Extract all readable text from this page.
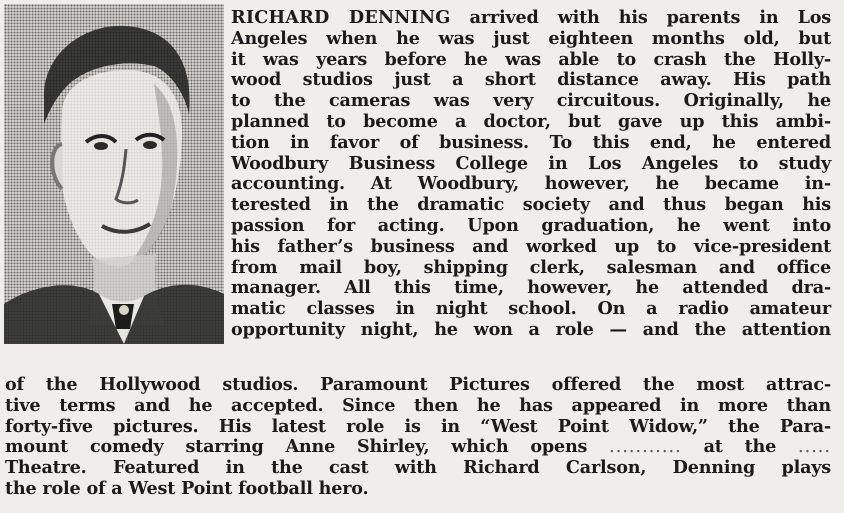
RICHARD DENNING arrived with his parents in Los
Angeles when he was just eighteen months old, but
it was years before he was able to crash the Holly-
wood studios just a short distance away. His path
to the cameras was very circuitous. Originally, he
planned to become a doctor, but gave up this ambi-
tion in favor of business. To this end, he entered
Woodbury Business College in Los Angeles to study
accounting. At Woodbury, however, he became in-
terested in the dramatic society and thus began his
passion for acting. Upon graduation, he went into
his father’s business and worked up to vice-president
from mail boy, shipping clerk, salesman and office
manager. All this time, however, he attended dra-
matic classes in night school. On a radio amateur
opportunity night, he won a role — and the attention
of the Hollywood studios. Paramount Pictures offered the most attrac-
tive terms and he accepted. Since then he has appeared in more than
forty-five pictures. His latest role is in “West Point Widow,” the Para-
mount comedy starring Anne Shirley, which opens ........... at the .....
Theatre. Featured in the cast with Richard Carlson, Denning plays
the role of a West Point football hero.
